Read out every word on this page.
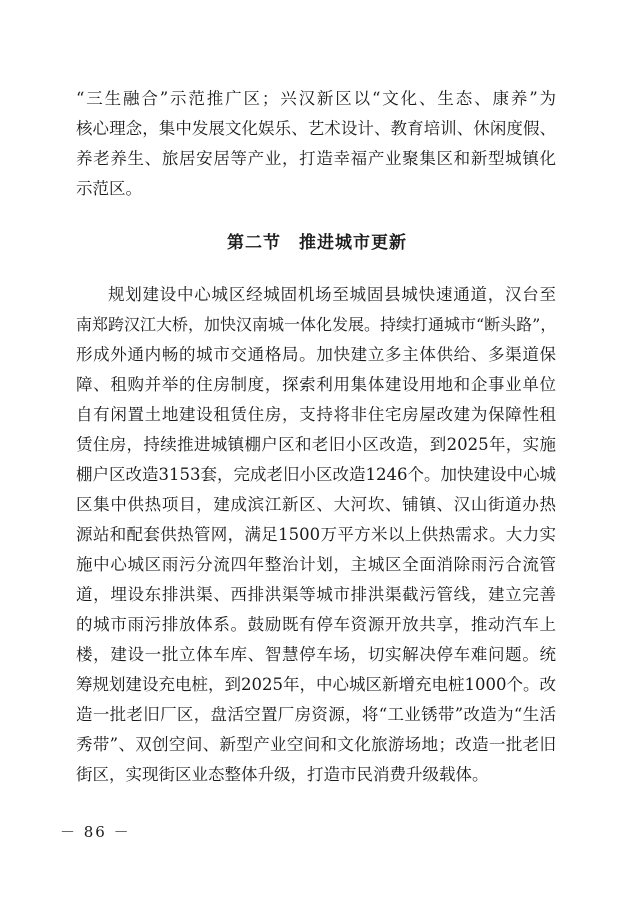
“三生融合”示范推广区；兴汉新区以“文化、生态、康养”为
核心理念，集中发展文化娱乐、艺术设计、教育培训、休闲度假、
养老养生、旅居安居等产业，打造幸福产业聚集区和新型城镇化
示范区。
第二节　推进城市更新
规划建设中心城区经城固机场至城固县城快速通道，汉台至
南郑跨汉江大桥，加快汉南城一体化发展。持续打通城市“断头路”，
形成外通内畅的城市交通格局。加快建立多主体供给、多渠道保
障、租购并举的住房制度，探索利用集体建设用地和企事业单位
自有闲置土地建设租赁住房，支持将非住宅房屋改建为保障性租
赁住房，持续推进城镇棚户区和老旧小区改造，到2025年，实施
棚户区改造3153套，完成老旧小区改造1246个。加快建设中心城
区集中供热项目，建成滨江新区、大河坎、铺镇、汉山街道办热
源站和配套供热管网，满足1500万平方米以上供热需求。大力实
施中心城区雨污分流四年整治计划，主城区全面消除雨污合流管
道，埋设东排洪渠、西排洪渠等城市排洪渠截污管线，建立完善
的城市雨污排放体系。鼓励既有停车资源开放共享，推动汽车上
楼，建设一批立体车库、智慧停车场，切实解决停车难问题。统
筹规划建设充电桩，到2025年，中心城区新增充电桩1000个。改
造一批老旧厂区，盘活空置厂房资源，将“工业锈带”改造为“生活
秀带”、双创空间、新型产业空间和文化旅游场地；改造一批老旧
街区，实现街区业态整体升级，打造市民消费升级载体。
－ 86 －
